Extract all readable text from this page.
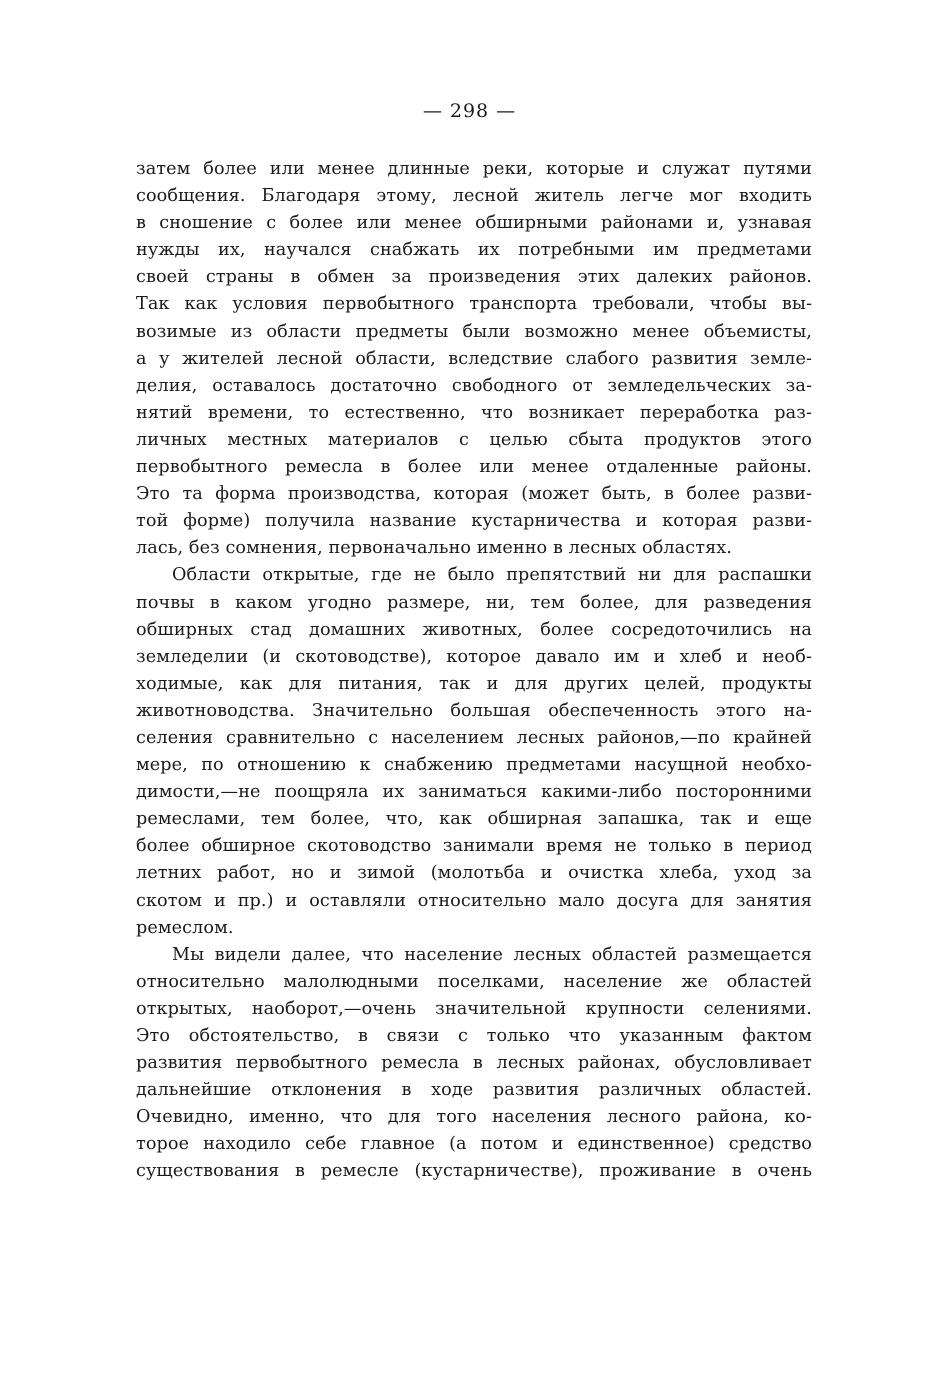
— 298 —
затем более или менее длинные реки, которые и служат путями
сообщения. Благодаря этому, лесной житель легче мог входить
в сношение с более или менее обширными районами и, узнавая
нужды их, научался снабжать их потребными им предметами
своей страны в обмен за произведения этих далеких районов.
Так как условия первобытного транспорта требовали, чтобы вы-
возимые из области предметы были возможно менее объемисты,
а у жителей лесной области, вследствие слабого развития земле-
делия, оставалось достаточно свободного от земледельческих за-
нятий времени, то естественно, что возникает переработка раз-
личных местных материалов с целью сбыта продуктов этого
первобытного ремесла в более или менее отдаленные районы.
Это та форма производства, которая (может быть, в более разви-
той форме) получила название кустарничества и которая разви-
лась, без сомнения, первоначально именно в лесных областях.
Области открытые, где не было препятствий ни для распашки
почвы в каком угодно размере, ни, тем более, для разведения
обширных стад домашних животных, более сосредоточились на
земледелии (и скотоводстве), которое давало им и хлеб и необ-
ходимые, как для питания, так и для других целей, продукты
животноводства. Значительно большая обеспеченность этого на-
селения сравнительно с населением лесных районов,—по крайней
мере, по отношению к снабжению предметами насущной необхо-
димости,—не поощряла их заниматься какими-либо посторонними
ремеслами, тем более, что, как обширная запашка, так и еще
более обширное скотоводство занимали время не только в период
летних работ, но и зимой (молотьба и очистка хлеба, уход за
скотом и пр.) и оставляли относительно мало досуга для занятия
ремеслом.
Мы видели далее, что население лесных областей размещается
относительно малолюдными поселками, население же областей
открытых, наоборот,—очень значительной крупности селениями.
Это обстоятельство, в связи с только что указанным фактом
развития первобытного ремесла в лесных районах, обусловливает
дальнейшие отклонения в ходе развития различных областей.
Очевидно, именно, что для того населения лесного района, ко-
торое находило себе главное (а потом и единственное) средство
существования в ремесле (кустарничестве), проживание в очень
